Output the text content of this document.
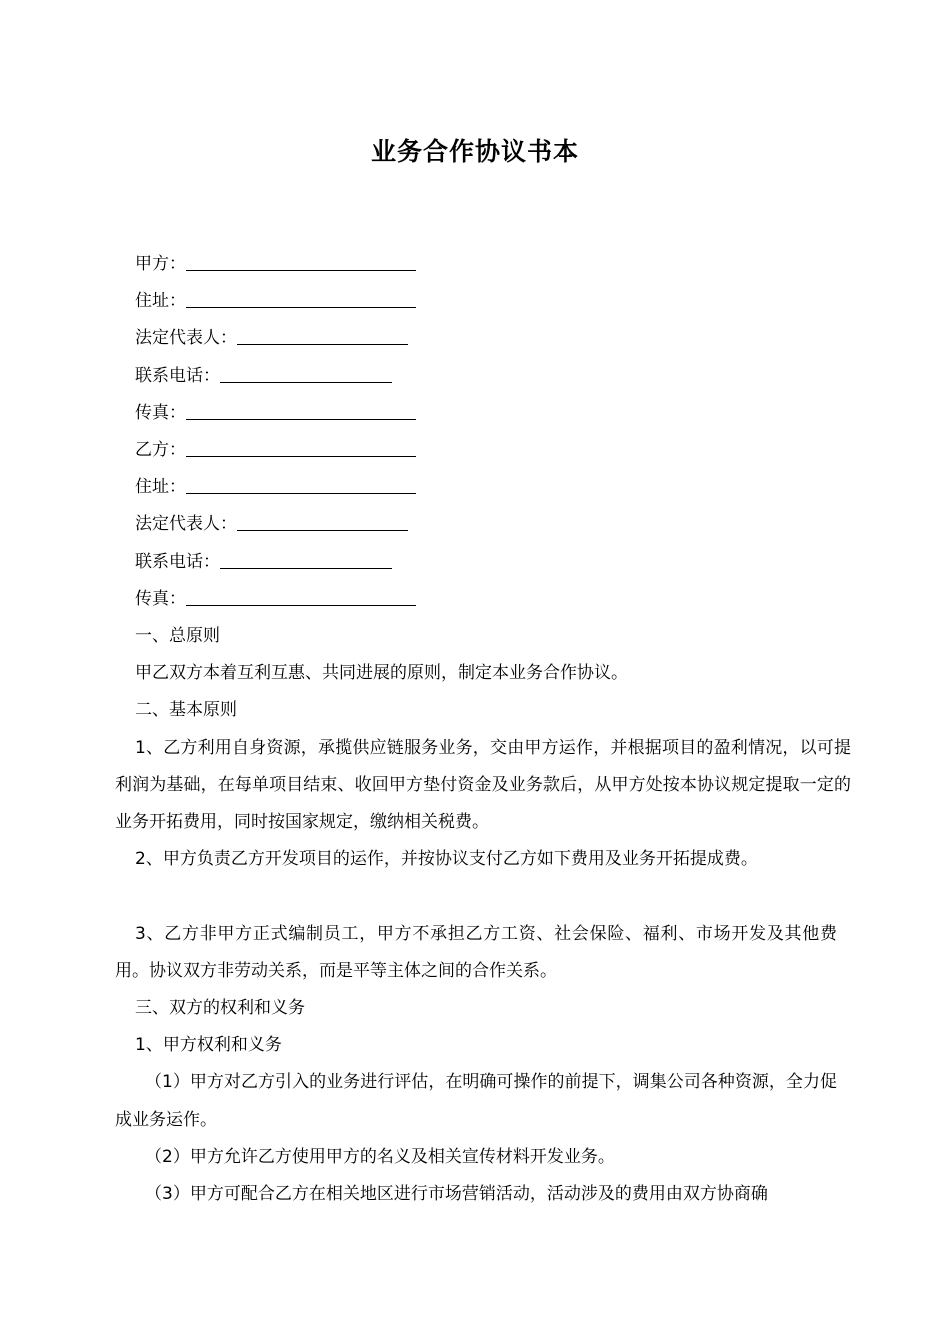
业务合作协议书本
甲方：
住址：
法定代表人：
联系电话：
传真：
乙方：
住址：
法定代表人：
联系电话：
传真：
一、总原则
甲乙双方本着互利互惠、共同进展的原则，制定本业务合作协议。
二、基本原则
1、乙方利用自身资源，承揽供应链服务业务，交由甲方运作，并根据项目的盈利情况，以可提利润为基础，在每单项目结束、收回甲方垫付资金及业务款后，从甲方处按本协议规定提取一定的业务开拓费用，同时按国家规定，缴纳相关税费。
2、甲方负责乙方开发项目的运作，并按协议支付乙方如下费用及业务开拓提成费。
3、乙方非甲方正式编制员工，甲方不承担乙方工资、社会保险、福利、市场开发及其他费用。协议双方非劳动关系，而是平等主体之间的合作关系。
三、双方的权利和义务
1、甲方权利和义务
（1）甲方对乙方引入的业务进行评估，在明确可操作的前提下，调集公司各种资源，全力促成业务运作。
（2）甲方允许乙方使用甲方的名义及相关宣传材料开发业务。
（3）甲方可配合乙方在相关地区进行市场营销活动，活动涉及的费用由双方协商确
